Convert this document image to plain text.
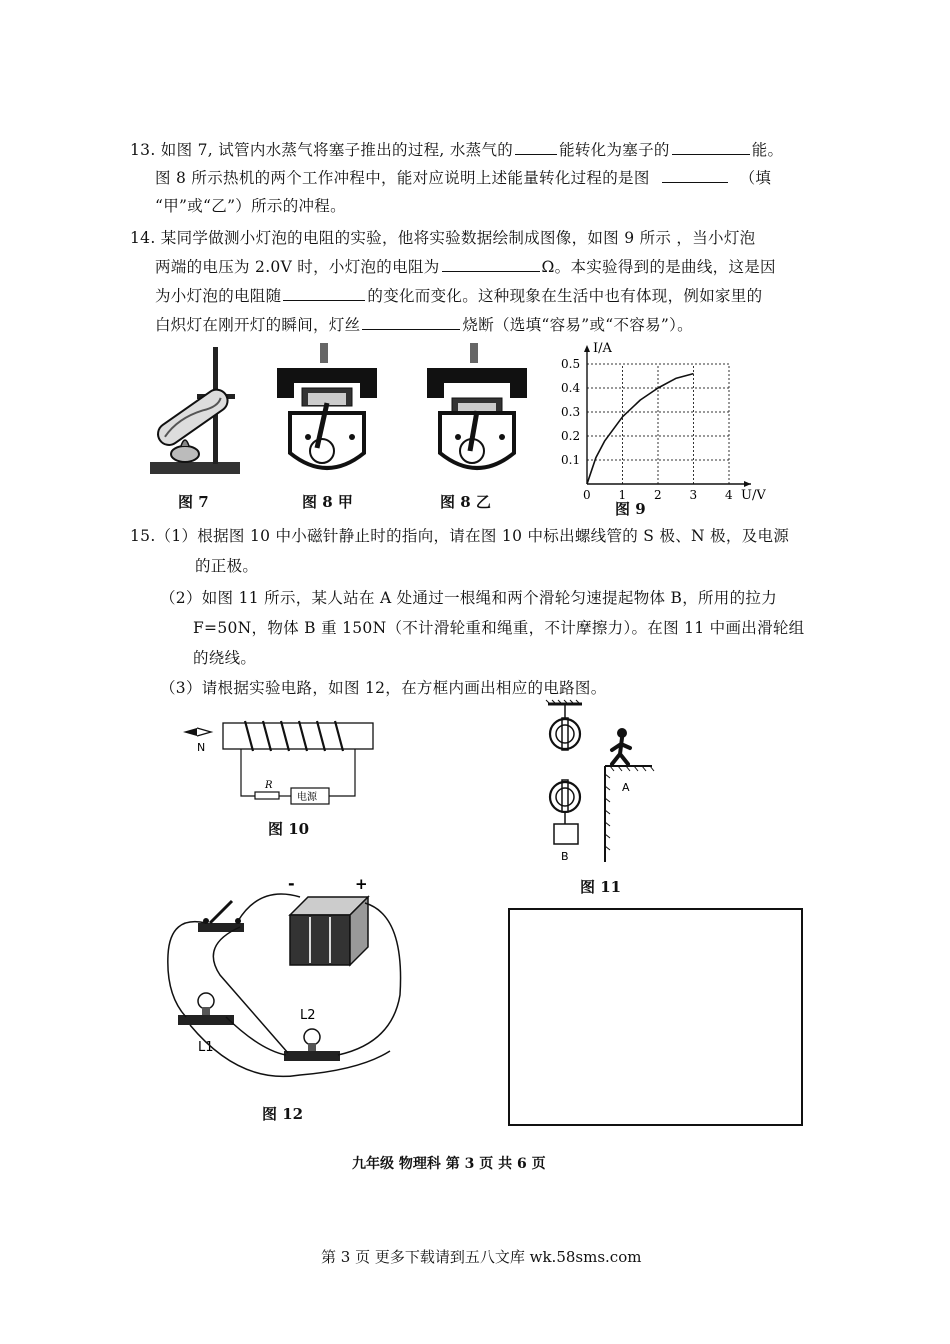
13. 如图 7, 试管内水蒸气将塞子推出的过程, 水蒸气的	能转化为塞子的	能。
图 8 所示热机的两个工作冲程中，能对应说明上述能量转化过程的是图	（填
“甲”或“乙”）所示的冲程。
14. 某同学做测小灯泡的电阻的实验，他将实验数据绘制成图像，如图 9 所示 ，当小灯泡
两端的电压为 2.0V 时，小灯泡的电阻为	Ω。本实验得到的是曲线，这是因
为小灯泡的电阻随	的变化而变化。这种现象在生活中也有体现，例如家里的
白炽灯在刚开灯的瞬间，灯丝	烧断（选填“容易”或“不容易”）。
图 7	图 8 甲	图 8 乙	0 1 2 3 4
0.1
0.2
0.3
0.4
0.5
I/A
U/V
图 9
15.（1）根据图 10 中小磁针静止时的指向，请在图 10 中标出螺线管的 S 极、N 极，及电源
的正极。
（2）如图 11 所示，某人站在 A 处通过一根绳和两个滑轮匀速提起物体 B，所用的拉力
F=50N，物体 B 重 150N（不计滑轮重和绳重，不计摩擦力）。在图 11 中画出滑轮组
的绕线。
（3）请根据实验电路，如图 12，在方框内画出相应的电路图。
N
R
电源
图 10
B
A
图 11
-	+
L1
L2
图 12
九年级 物理科 第 3 页 共 6 页
第 3 页 更多下载请到五八文库 wk.58sms.com
